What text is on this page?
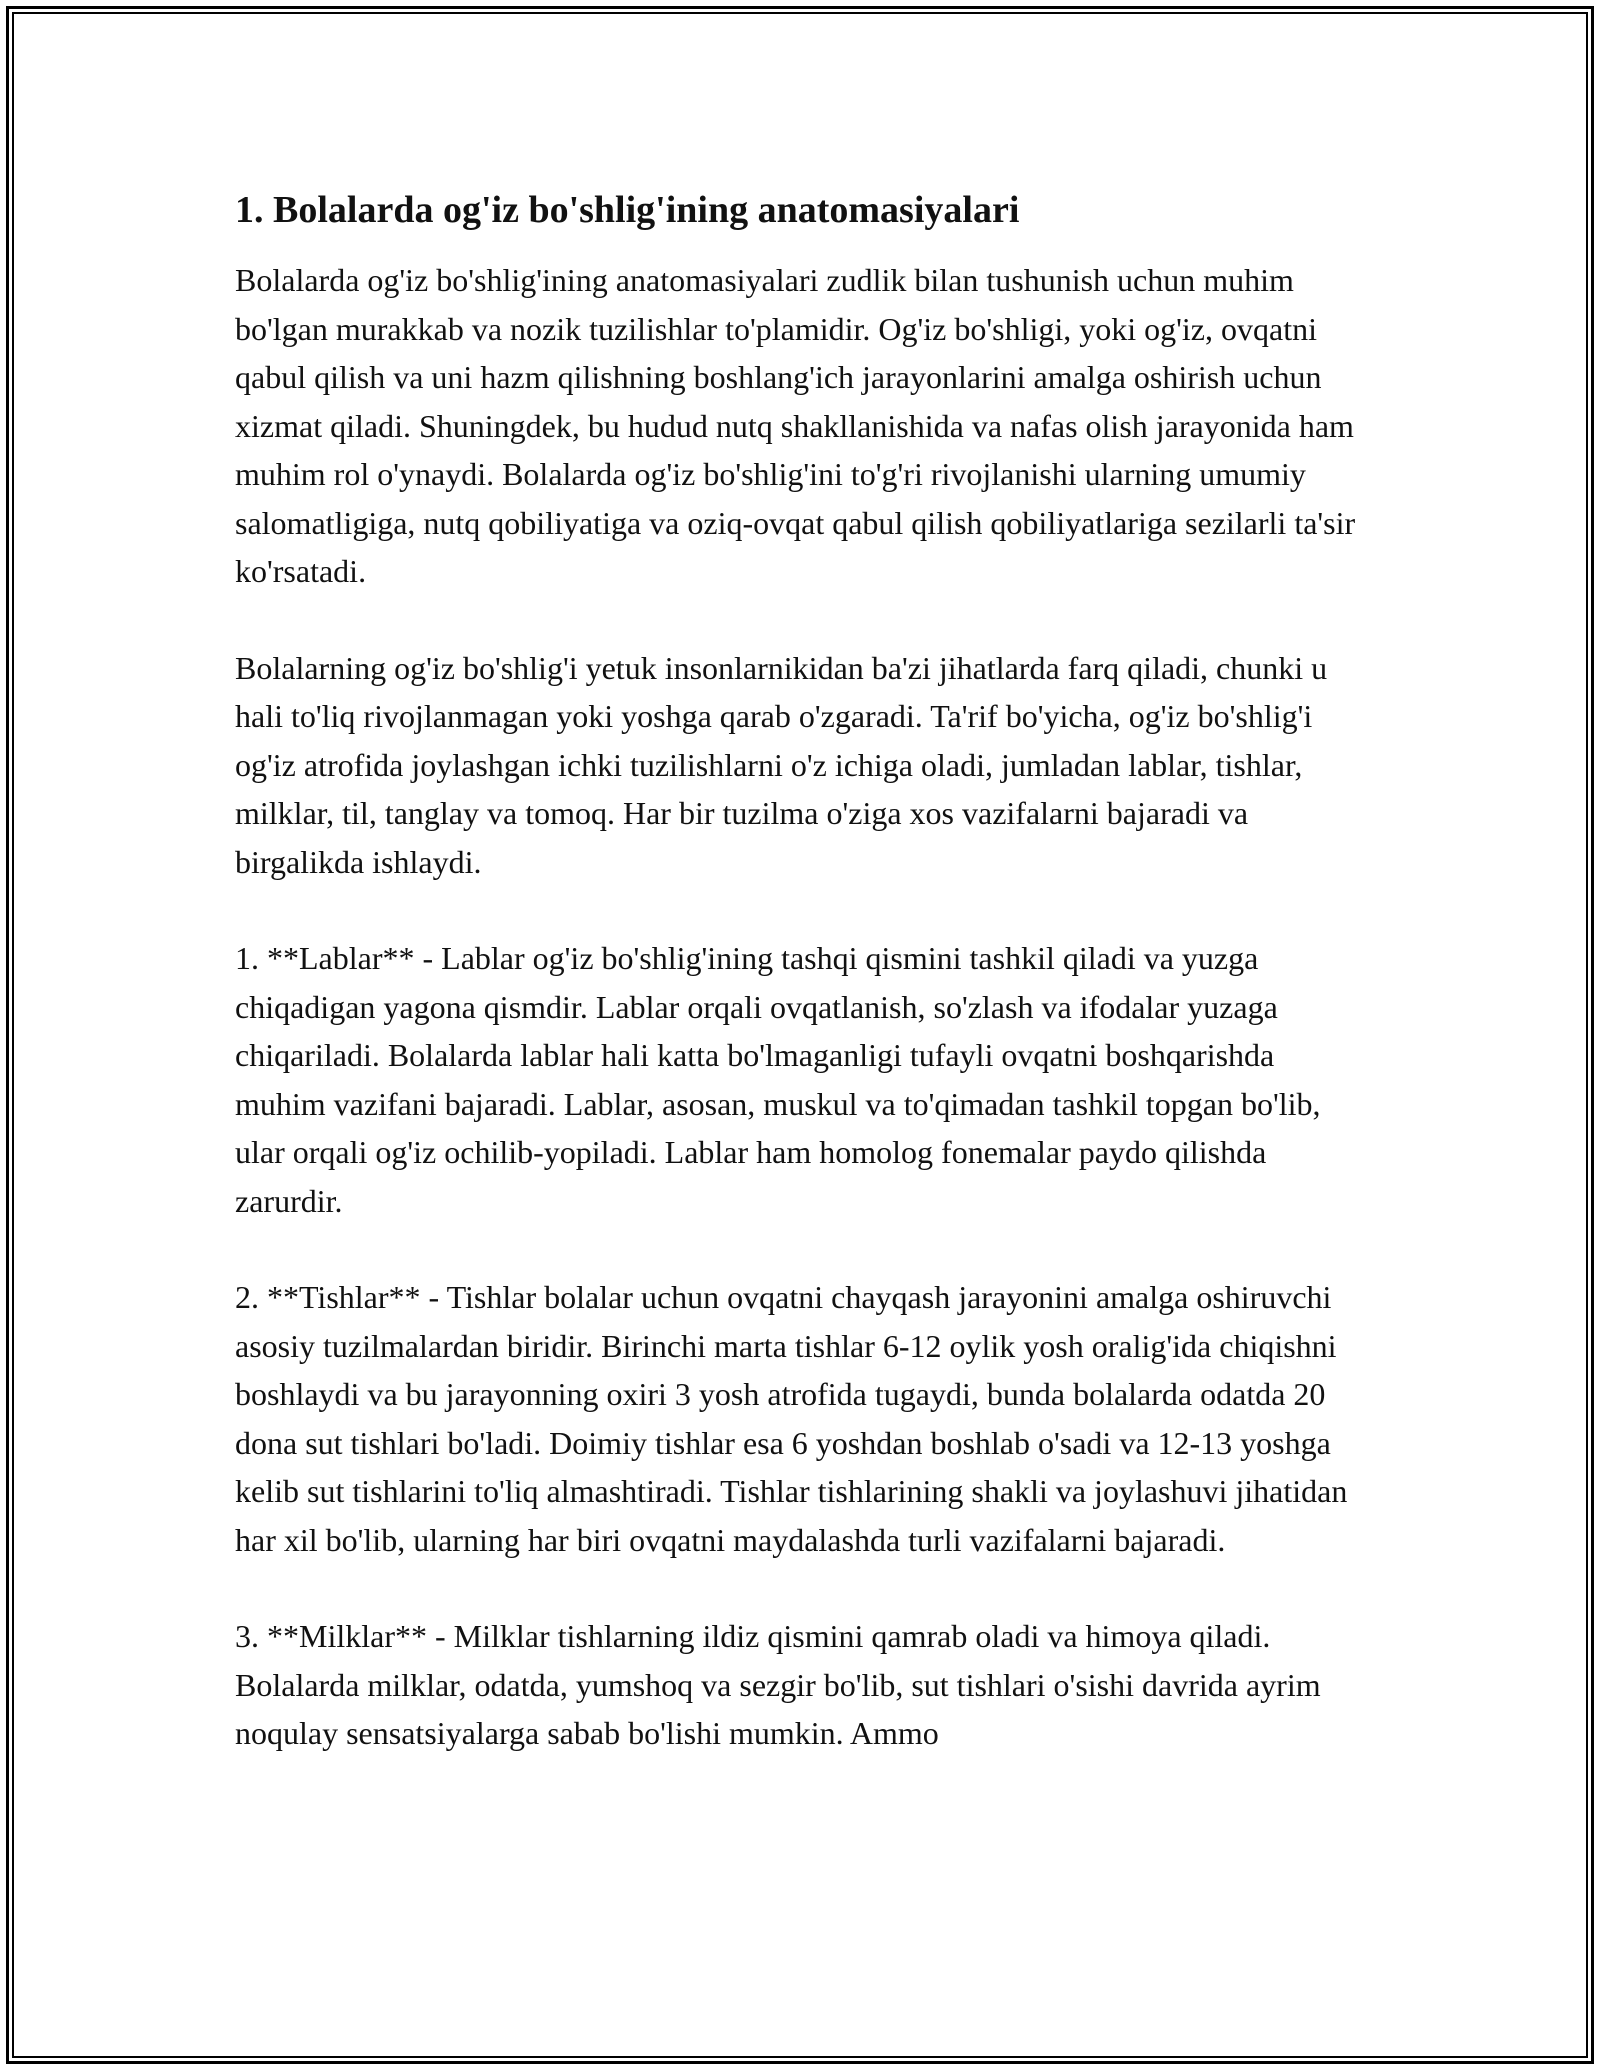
1. Bolalarda og'iz bo'shlig'ining anatomasiyalari

Bolalarda og'iz bo'shlig'ining anatomasiyalari zudlik bilan tushunish uchun muhim bo'lgan murakkab va nozik tuzilishlar to'plamidir. Og'iz bo'shligi, yoki og'iz, ovqatni qabul qilish va uni hazm qilishning boshlang'ich jarayonlarini amalga oshirish uchun xizmat qiladi. Shuningdek, bu hudud nutq shakllanishida va nafas olish jarayonida ham muhim rol o'ynaydi. Bolalarda og'iz bo'shlig'ini to'g'ri rivojlanishi ularning umumiy salomatligiga, nutq qobiliyatiga va oziq-ovqat qabul qilish qobiliyatlariga sezilarli ta'sir ko'rsatadi.

Bolalarning og'iz bo'shlig'i yetuk insonlarnikidan ba'zi jihatlarda farq qiladi, chunki u hali to'liq rivojlanmagan yoki yoshga qarab o'zgaradi. Ta'rif bo'yicha, og'iz bo'shlig'i og'iz atrofida joylashgan ichki tuzilishlarni o'z ichiga oladi, jumladan lablar, tishlar, milklar, til, tanglay va tomoq. Har bir tuzilma o'ziga xos vazifalarni bajaradi va birgalikda ishlaydi.

1. **Lablar** - Lablar og'iz bo'shlig'ining tashqi qismini tashkil qiladi va yuzga chiqadigan yagona qismdir. Lablar orqali ovqatlanish, so'zlash va ifodalar yuzaga chiqariladi. Bolalarda lablar hali katta bo'lmaganligi tufayli ovqatni boshqarishda muhim vazifani bajaradi. Lablar, asosan, muskul va to'qimadan tashkil topgan bo'lib, ular orqali og'iz ochilib-yopiladi. Lablar ham homolog fonemalar paydo qilishda zarurdir.

2. **Tishlar** - Tishlar bolalar uchun ovqatni chayqash jarayonini amalga oshiruvchi asosiy tuzilmalardan biridir. Birinchi marta tishlar 6-12 oylik yosh oralig'ida chiqishni boshlaydi va bu jarayonning oxiri 3 yosh atrofida tugaydi, bunda bolalarda odatda 20 dona sut tishlari bo'ladi. Doimiy tishlar esa 6 yoshdan boshlab o'sadi va 12-13 yoshga kelib sut tishlarini to'liq almashtiradi. Tishlar tishlarining shakli va joylashuvi jihatidan har xil bo'lib, ularning har biri ovqatni maydalashda turli vazifalarni bajaradi.

3. **Milklar** - Milklar tishlarning ildiz qismini qamrab oladi va himoya qiladi. Bolalarda milklar, odatda, yumshoq va sezgir bo'lib, sut tishlari o'sishi davrida ayrim noqulay sensatsiyalarga sabab bo'lishi mumkin. Ammo
